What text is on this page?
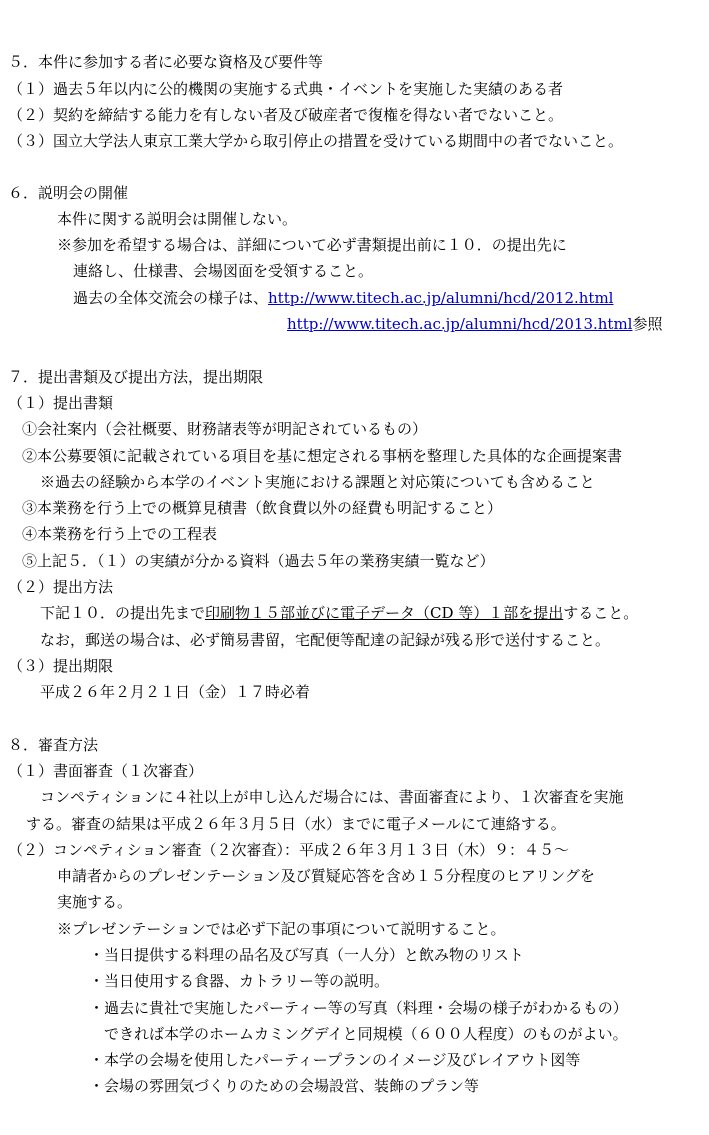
５．本件に参加する者に必要な資格及び要件等
（１）過去５年以内に公的機関の実施する式典・イベントを実施した実績のある者
（２）契約を締結する能力を有しない者及び破産者で復権を得ない者でないこと。
（３）国立大学法人東京工業大学から取引停止の措置を受けている期間中の者でないこと。
６．説明会の開催
本件に関する説明会は開催しない。
※参加を希望する場合は、詳細について必ず書類提出前に１０．の提出先に
連絡し、仕様書、会場図面を受領すること。
過去の全体交流会の様子は、http://www.titech.ac.jp/alumni/hcd/2012.html
http://www.titech.ac.jp/alumni/hcd/2013.html参照
７．提出書類及び提出方法，提出期限
（１）提出書類
①会社案内（会社概要、財務諸表等が明記されているもの）
②本公募要領に記載されている項目を基に想定される事柄を整理した具体的な企画提案書
※過去の経験から本学のイベント実施における課題と対応策についても含めること
③本業務を行う上での概算見積書（飲食費以外の経費も明記すること）
④本業務を行う上での工程表
⑤上記５．（１）の実績が分かる資料（過去５年の業務実績一覧など）
（２）提出方法
下記１０．の提出先まで印刷物１５部並びに電子データ（CD 等）１部を提出すること。
なお，郵送の場合は、必ず簡易書留，宅配便等配達の記録が残る形で送付すること。
（３）提出期限
平成２６年２月２１日（金）１７時必着
８．審査方法
（１）書面審査（１次審査）
コンペティションに４社以上が申し込んだ場合には、書面審査により、１次審査を実施
する。審査の結果は平成２６年３月５日（水）までに電子メールにて連絡する。
（２）コンペティション審査（２次審査）：平成２６年３月１３日（木）９：４５～
申請者からのプレゼンテーション及び質疑応答を含め１５分程度のヒアリングを
実施する。
※プレゼンテーションでは必ず下記の事項について説明すること。
・当日提供する料理の品名及び写真（一人分）と飲み物のリスト
・当日使用する食器、カトラリー等の説明。
・過去に貴社で実施したパーティー等の写真（料理・会場の様子がわかるもの）
できれば本学のホームカミングデイと同規模（６００人程度）のものがよい。
・本学の会場を使用したパーティープランのイメージ及びレイアウト図等
・会場の雰囲気づくりのための会場設営、装飾のプラン等
